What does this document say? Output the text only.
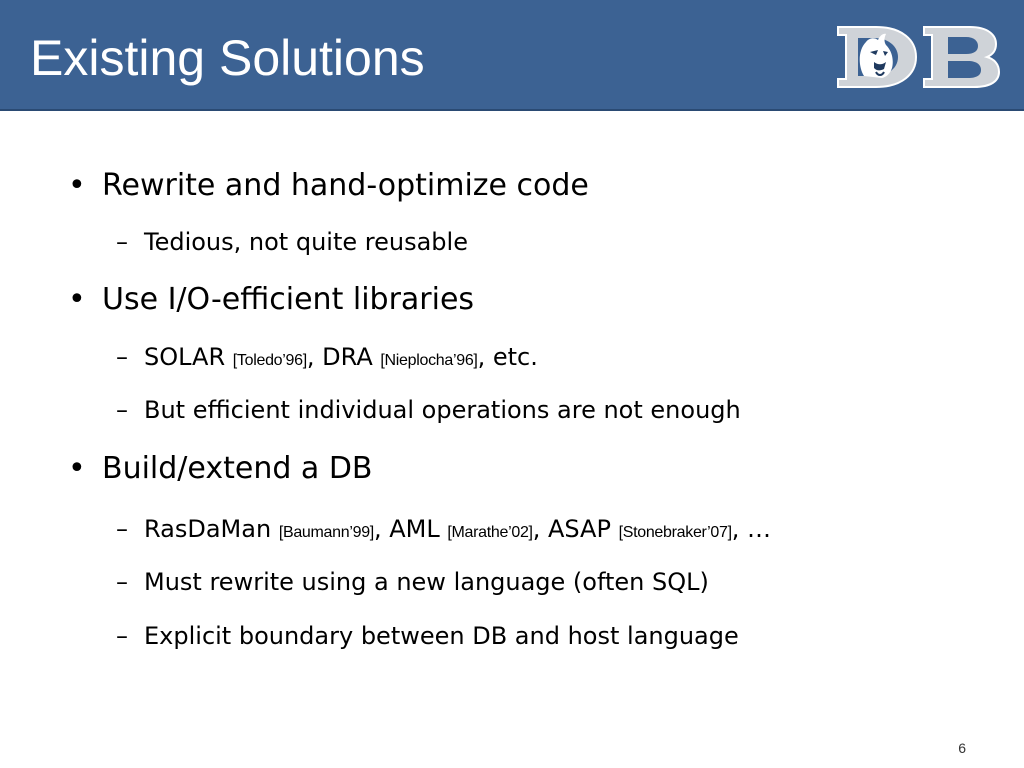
Existing Solutions
• Rewrite and hand-optimize code
– Tedious, not quite reusable
• Use I/O-efficient libraries
– SOLAR [Toledo’96], DRA [Nieplocha’96], etc.
– But efficient individual operations are not enough
• Build/extend a DB
– RasDaMan [Baumann’99], AML [Marathe’02], ASAP [Stonebraker’07], …
– Must rewrite using a new language (often SQL)
– Explicit boundary between DB and host language
6
